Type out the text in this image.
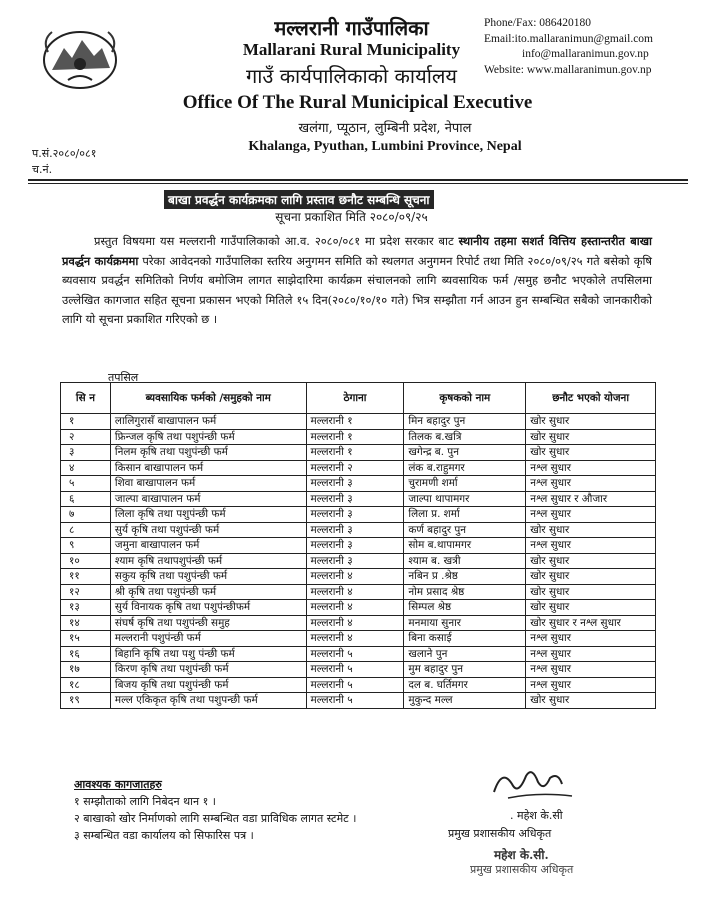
मल्लरानी गाउँपालिका
Mallarani Rural Municipality
गाउँ कार्यपालिकाको कार्यालय
Office Of The Rural Municipical Executive
खलंगा, प्यूठान, लुम्बिनी प्रदेश, नेपाल
Khalanga, Pyuthan, Lumbini Province, Nepal
Phone/Fax: 086420180
Email:ito.mallaranimun@gmail.com
info@mallaranimun.gov.np
Website: www.mallaranimun.gov.np
प.सं.२०८०/०८१
च.नं.
बाखा प्रवर्द्धन कार्यक्रमका लागि प्रस्ताव छनौट सम्बन्धि सूचना
सूचना प्रकाशित मिति २०८०/०९/२५
प्रस्तुत विषयमा यस मल्लरानी गाउँपालिकाको आ.व. २०८०/०८१ मा प्रदेश सरकार बाट स्थानीय तहमा सशर्त वित्तिय हस्तान्तरीत बाखा प्रवर्द्धन कार्यक्रममा परेका आवेदनको गाउँपालिका स्तरिय अनुगमन समिति को स्थलगत अनुगमन रिपोर्ट तथा मिति २०८०/०९/२५ गते बसेको कृषि ब्यवसाय प्रवर्द्धन समितिको निर्णय बमोजिम लागत साझेदारिमा कार्यक्रम संचालनको लागि ब्यवसायिक फर्म /समुह छनौट भएकोले तपसिलमा उल्लेखित कागजात सहित सूचना प्रकासन भएको मितिले १५ दिन(२०८०/१०/१० गते) भित्र सम्झौता गर्न आउन हुन सम्बन्धित सबैको जानकारीको लागि यो सूचना प्रकाशित गरिएको छ ।
तपसिल
सि न	ब्यवसायिक फर्मको /समुहको नाम	ठेगाना	कृषकको नाम	छनौट भएको योजना
१	लालिगुरासँ बाखापालन फर्म	मल्लरानी १	मिन बहादुर पुन	खोर सुधार
२	फ्रिन्जल कृषि तथा पशुपंन्छी फर्म	मल्लरानी १	तिलक ब.खत्रि	खोर सुधार
३	निलम कृषि तथा पशुपंन्छी फर्म	मल्लरानी १	खगेन्द्र ब. पुन	खोर सुधार
४	किसान बाखापालन फर्म	मल्लरानी २	लंक ब.राहुमगर	नश्ल सुधार
५	शिवा बाखापालन फर्म	मल्लरानी ३	चुरामणी शर्मा	नश्ल सुधार
६	जाल्पा बाखापालन फर्म	मल्लरानी ३	जाल्पा थापामगर	नश्ल सुधार र औजार
७	लिला कृषि तथा पशुपंन्छी फर्म	मल्लरानी ३	लिला प्र. शर्मा	नश्ल सुधार
८	सुर्य कृषि तथा पशुपंन्छी फर्म	मल्लरानी ३	कर्ण बहादुर पुन	खोर सुधार
९	जमुना बाखापालन फर्म	मल्लरानी ३	सोम ब.थापामगर	नश्ल सुधार
१०	श्याम कृषि तथापशुपंन्छी फर्म	मल्लरानी ३	श्याम ब. खत्री	खोर सुधार
११	सकुय कृषि तथा पशुपंन्छी फर्म	मल्लरानी ४	नबिन प्र .श्रेष्ठ	खोर सुधार
१२	श्री कृषि तथा पशुपंन्छी फर्म	मल्लरानी ४	नोम प्रसाद श्रेष्ठ	खोर सुधार
१३	सुर्य विनायक कृषि तथा पशुपंन्छीफर्म	मल्लरानी ४	सिम्पल श्रेष्ठ	खोर सुधार
१४	संघर्ष कृषि तथा पशुपंन्छी समुह	मल्लरानी ४	मनमाया सुनार	खोर सुधार र नश्ल सुधार
१५	मल्लरानी पशुपंन्छी फर्म	मल्लरानी ४	बिना कसाई	नश्ल सुधार
१६	बिहानि कृषि तथा पशु पंन्छी फर्म	मल्लरानी ५	खलाने पुन	नश्ल सुधार
१७	किरण कृषि तथा पशुपंन्छी फर्म	मल्लरानी ५	मुम बहादुर पुन	नश्ल सुधार
१८	बिजय कृषि तथा पशुपंन्छी फर्म	मल्लरानी ५	दल ब. घर्तिमगर	नश्ल सुधार
१९	मल्ल एकिकृत कृषि तथा पशुपन्छी फर्म	मल्लरानी ५	मुकुन्द मल्ल	खोर सुधार
आवश्यक कागजातहरु
१ सम्झौताको लागि निबेदन थान १ ।
२ बाखाको खोर निर्माणको लागि सम्बन्धित वडा प्राविधिक लागत स्टमेट ।
३ सम्बन्धित वडा कार्यालय को सिफारिस पत्र ।
. महेश के.सी
प्रमुख प्रशासकीय अधिकृत
महेश के.सी.
प्रमुख प्रशासकीय अधिकृत
